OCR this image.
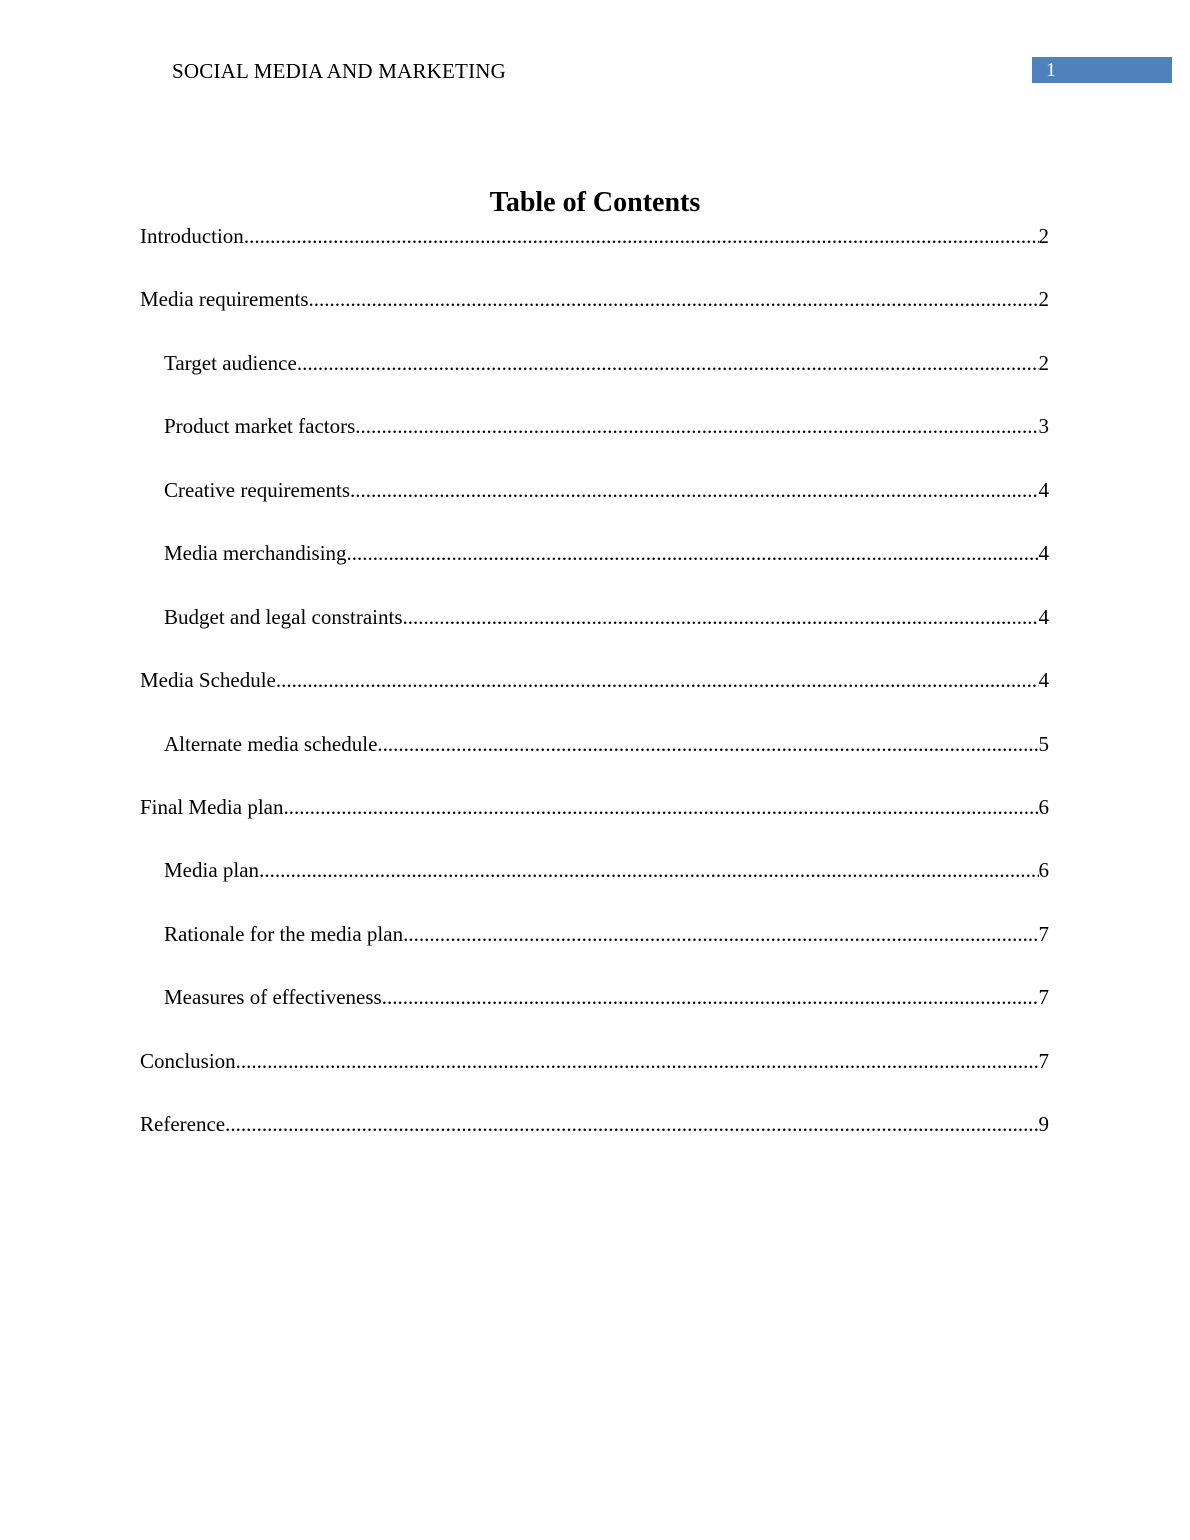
SOCIAL MEDIA AND MARKETING	1
Table of Contents
Introduction .....	2
Media requirements .....	2
Target audience .....	2
Product market factors .....	3
Creative requirements .....	4
Media merchandising .....	4
Budget and legal constraints .....	4
Media Schedule .....	4
Alternate media schedule .....	5
Final Media plan .....	6
Media plan .....	6
Rationale for the media plan .....	7
Measures of effectiveness .....	7
Conclusion .....	7
Reference .....	9
